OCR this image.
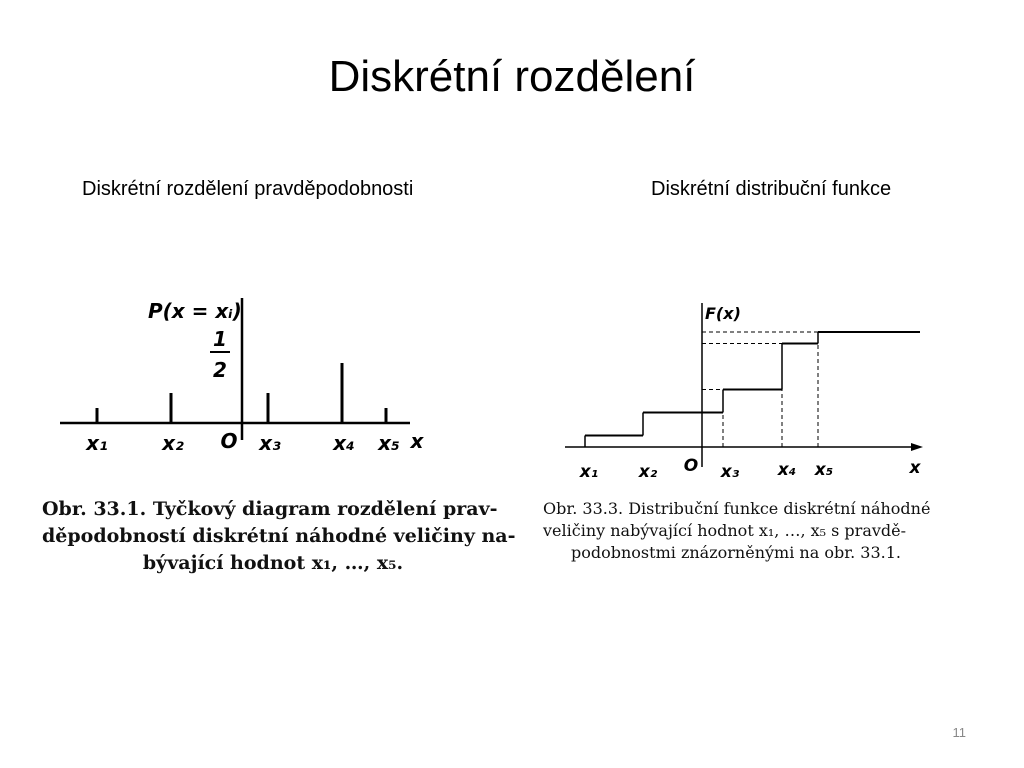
Diskrétní rozdělení
Diskrétní rozdělení pravděpodobnosti	Diskrétní distribuční funkce
P(x = xᵢ)
1
2
O	x
x₁	x₂	x₃	x₄ x₅
F(x)
O	x
x₁ x₂	x₃ x₄ x₅
Obr. 33.1. Tyčkový diagram rozdělení prav-
děpodobností diskrétní náhodné veličiny na-
bývající hodnot x₁, …, x₅.
Obr. 33.3. Distribuční funkce diskrétní náhodné
veličiny nabývající hodnot x₁, …, x₅ s pravdě-
podobnostmi znázorněnými na obr. 33.1.
11
